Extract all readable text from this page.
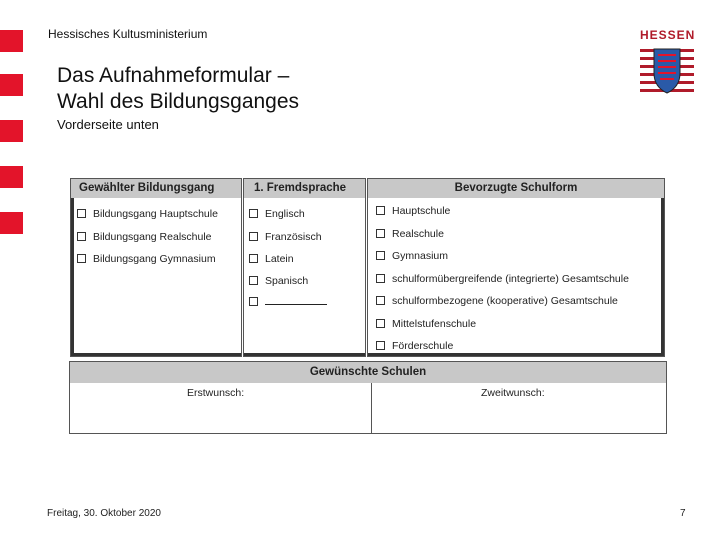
Hessisches Kultusministerium
Das Aufnahmeformular –
Wahl des Bildungsganges
Vorderseite unten
HESSEN
Gewählter Bildungsgang
Bildungsgang Hauptschule
Bildungsgang Realschule
Bildungsgang Gymnasium
1. Fremdsprache
Englisch
Französisch
Latein
Spanisch
Bevorzugte Schulform
Hauptschule
Realschule
Gymnasium
schulformübergreifende (integrierte) Gesamtschule
schulformbezogene (kooperative) Gesamtschule
Mittelstufenschule
Förderschule
Gewünschte Schulen
Erstwunsch:	Zweitwunsch:
Freitag, 30. Oktober 2020	7
